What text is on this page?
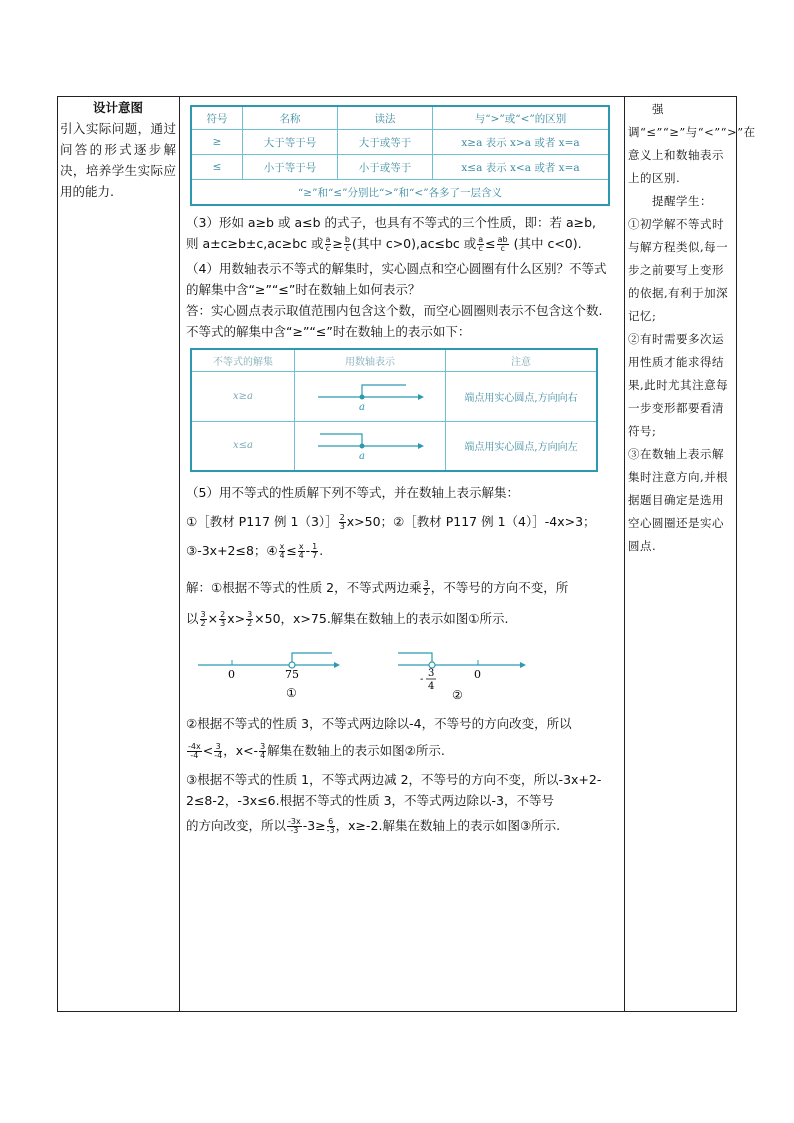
设计意图
引入实际问题，通过问答的形式逐步解决，培养学生实际应用的能力.

强调“≤”“≥”与“<”“>”在意义上和数轴表示上的区别.

提醒学生：

①初学解不等式时与解方程类似,每一步之前要写上变形的依据,有利于加深记忆;

②有时需要多次运用性质才能求得结果,此时尤其注意每一步变形都要看清符号;

③在数轴上表示解集时注意方向,并根据题目确定是选用空心圆圈还是实心圆点.

符号	名称	读法	与“>”或“<”的区别
≥	大于等于号	大于或等于	x≥a 表示 x>a 或者 x=a
≤	小于等于号	小于或等于	x≤a 表示 x<a 或者 x=a
“≥”和“≤”分别比“>”和“<”各多了一层含义			
（3）形如 a≥b 或 a≤b 的式子，也具有不等式的三个性质，即：若 a≥b,
则 a±c≥b±c,ac≥bc 或 $\frac{a}{c} \ge \frac{b}{c}$ (其中 c>0),ac≤bc 或 $\frac{a}{c} \le \frac{ab}{c}$ (其中 c<0).
（4）用数轴表示不等式的解集时，实心圆点和空心圆圈有什么区别？不等式的解集中含“≥”“≤”时在数轴上如何表示？
答：实心圆点表示取值范围内包含这个数，而空心圆圈则表示不包含这个数.
不等式的解集中含“≥”“≤”时在数轴上的表示如下：
不等式的解集	用数轴表示	注意
x≥a	a	端点用实心圆点,方向向右
x≤a	a	端点用实心圆点,方向向左
（5）用不等式的性质解下列不等式，并在数轴上表示解集：
①［教材 P117 例 1（3）］ $\frac{2}{3} x>50$；②［教材 P117 例 1（4）］-4x>3；
③-3x+2≤8；④ $\frac{x}{4} \le \frac{x}{4} - \frac{1}{7}$ .
解：①根据不等式的性质 2，不等式两边乘 $\frac{3}{2}$ ，不等号的方向不变，所
以 $\frac{3}{2} \times \frac{2}{3} x> \frac{3}{2} \times 50$，x>75.解集在数轴上的表示如图①所示.
0	75
①
0
-
3
4
②
②根据不等式的性质 3，不等式两边除以-4，不等号的方向改变，所以
$\frac{-4x}{-4} < \frac{3}{-4}$ ，$x<- \frac{3}{4}$ 解集在数轴上的表示如图②所示.
③根据不等式的性质 1，不等式两边减 2，不等号的方向不变，所以-3x+2-2≤8-2，-3x≤6.根据不等式的性质 3，不等式两边除以-3，不等号
的方向改变，所以 $\frac{-3x}{-3} -3\ge \frac{6}{-3}$ ，x≥-2.解集在数轴上的表示如图③所示.
